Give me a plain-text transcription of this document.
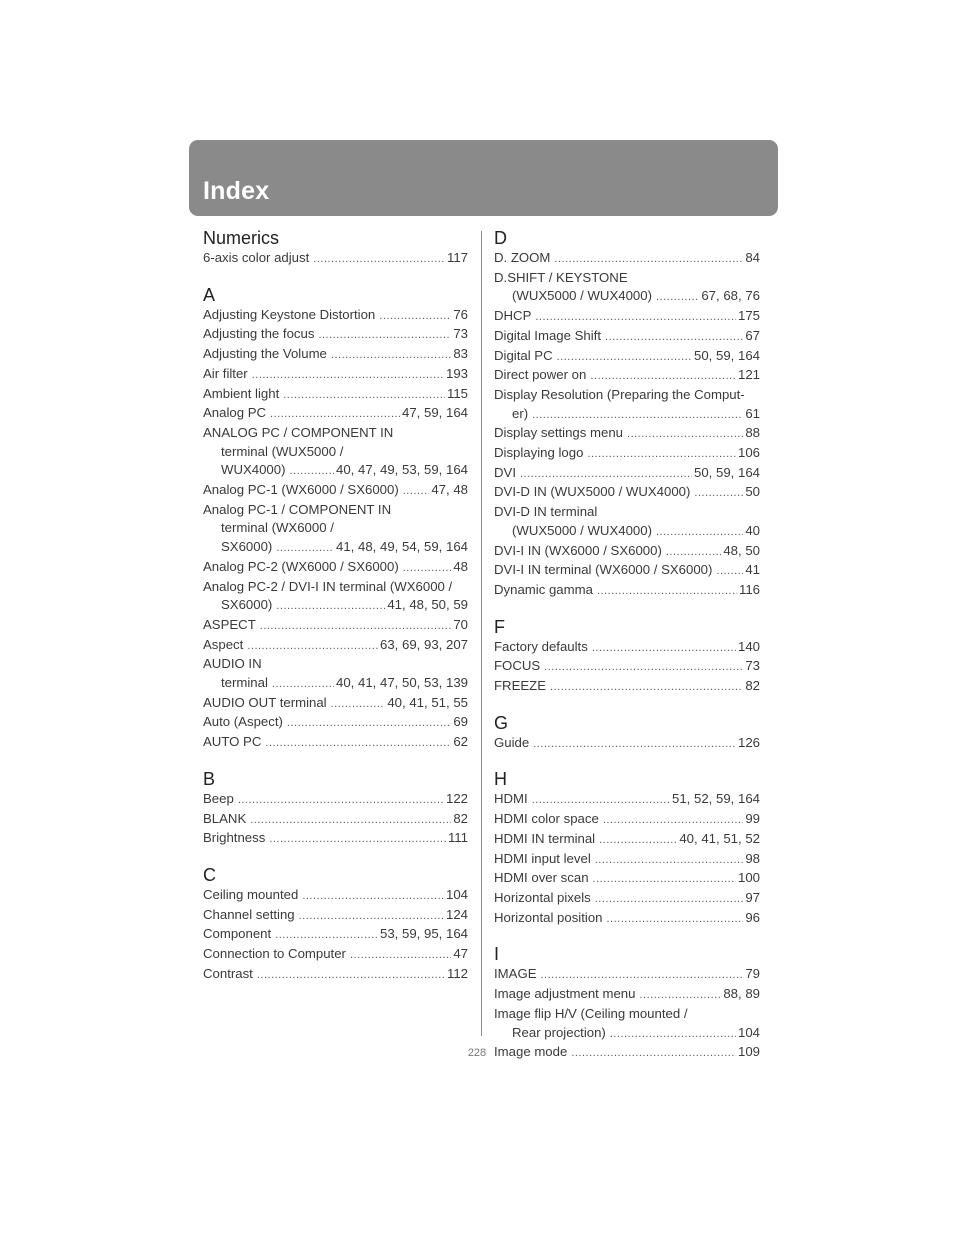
Index
Numerics
6-axis color adjust .....	117
A
Adjusting Keystone Distortion .....	76
Adjusting the focus .....	73
Adjusting the Volume .....	83
Air filter .....	193
Ambient light .....	115
Analog PC .....	47, 59, 164
ANALOG PC / COMPONENT IN
terminal (WUX5000 /
WUX4000) .....	40, 47, 49, 53, 59, 164
Analog PC-1 (WX6000 / SX6000) ..... 47, 48
Analog PC-1 / COMPONENT IN
terminal (WX6000 /
SX6000) .....	41, 48, 49, 54, 59, 164
Analog PC-2 (WX6000 / SX6000) .....	48
Analog PC-2 / DVI-I IN terminal (WX6000 /
SX6000) .....	41, 48, 50, 59
ASPECT .....	70
Aspect .....	63, 69, 93, 207
AUDIO IN
terminal .....	40, 41, 47, 50, 53, 139
AUDIO OUT terminal .....	40, 41, 51, 55
Auto (Aspect) .....	69
AUTO PC .....	62
B
Beep .....	122
BLANK .....	82
Brightness .....	111
C
Ceiling mounted .....	104
Channel setting .....	124
Component .....	53, 59, 95, 164
Connection to Computer .....	47
Contrast .....	112
D
D. ZOOM .....	84
D.SHIFT / KEYSTONE
(WUX5000 / WUX4000) .....	67, 68, 76
DHCP .....	175
Digital Image Shift .....	67
Digital PC .....	50, 59, 164
Direct power on .....	121
Display Resolution (Preparing the Comput-
er) .....	61
Display settings menu .....	88
Displaying logo .....	106
DVI .....	50, 59, 164
DVI-D IN (WUX5000 / WUX4000) .....	50
DVI-D IN terminal
(WUX5000 / WUX4000) .....	40
DVI-I IN (WX6000 / SX6000) .....	48, 50
DVI-I IN terminal (WX6000 / SX6000) ..... 41
Dynamic gamma .....	116
F
Factory defaults .....	140
FOCUS .....	73
FREEZE .....	82
G
Guide .....	126
H
HDMI .....	51, 52, 59, 164
HDMI color space .....	99
HDMI IN terminal .....	40, 41, 51, 52
HDMI input level .....	98
HDMI over scan .....	100
Horizontal pixels .....	97
Horizontal position .....	96
I
IMAGE .....	79
Image adjustment menu .....	88, 89
Image flip H/V (Ceiling mounted /
Rear projection) .....	104
Image mode .....	109
228
